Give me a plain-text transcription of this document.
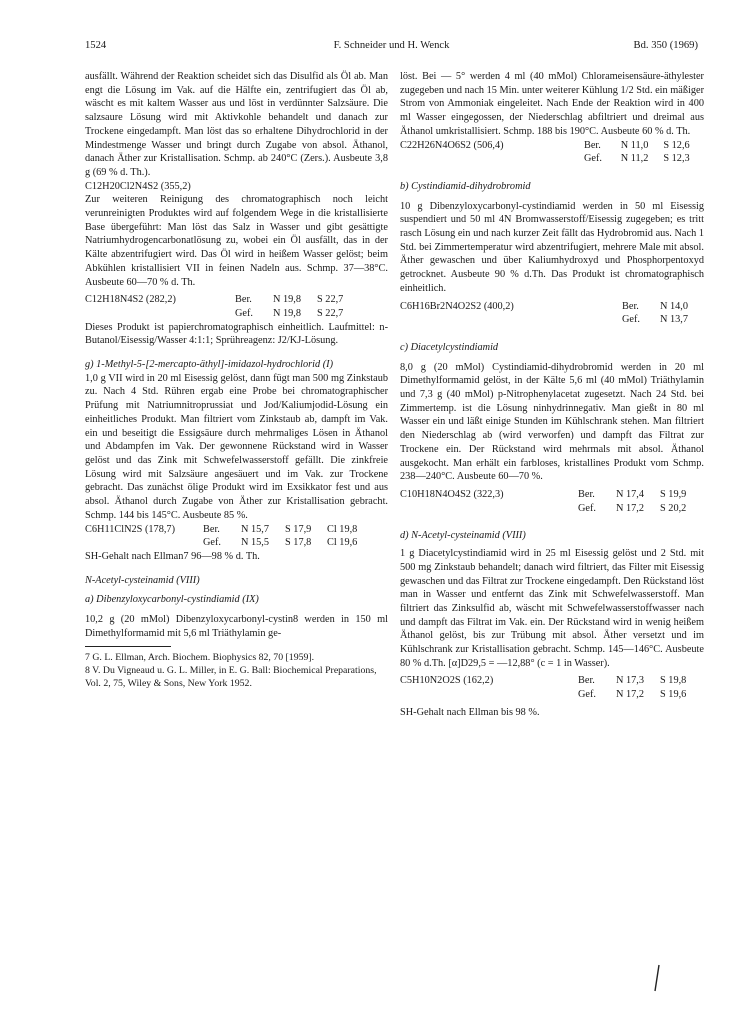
1524	F. Schneider und H. Wenck	Bd. 350 (1969)

ausfällt. Während der Reaktion scheidet sich das Disulfid als Öl ab. Man engt die Lösung im Vak. auf die Hälfte ein, zentrifugiert das Öl ab, wäscht es mit kaltem Wasser aus und löst in verdünnter Salzsäure. Die salzsaure Lösung wird mit Aktivkohle behandelt und danach zur Trockene eingedampft. Man löst das so erhaltene Dihydrochlorid in der Mindestmenge Wasser und bringt durch Zugabe von absol. Äthanol, danach Äther zur Kristallisation. Schmp. ab 240°C (Zers.). Ausbeute 3,8 g (69 % d. Th.).

C12H20Cl2N4S2 (355,2)

Zur weiteren Reinigung des chromatographisch noch leicht verunreinigten Produktes wird auf folgendem Wege in die kristallisierte Base übergeführt: Man löst das Salz in Wasser und gibt gesättigte Natriumhydrogencarbonatlösung zu, wobei ein Öl ausfällt, das in der Kälte abzentrifugiert wird. Das Öl wird in heißem Wasser gelöst; beim Abkühlen kristallisiert VII in feinen Nadeln aus. Schmp. 37—38°C. Ausbeute 60—70 % d. Th.

C12H18N4S2 (282,2)	Ber.	N 19,8	S 22,7
Gef.	N 19,8	S 22,7

Dieses Produkt ist papierchromatographisch einheitlich. Laufmittel: n-Butanol/Eisessig/Wasser 4:1:1; Sprühreagenz: J2/KJ-Lösung.

g) 1-Methyl-5-[2-mercapto-äthyl]-imidazol-hydrochlorid (I)

1,0 g VII wird in 20 ml Eisessig gelöst, dann fügt man 500 mg Zinkstaub zu. Nach 4 Std. Rühren ergab eine Probe bei chromatographischer Prüfung mit Natriumnitroprussiat und Jod/Kaliumjodid-Lösung ein einheitliches Produkt. Man filtriert vom Zinkstaub ab, dampft im Vak. ein und beseitigt die Essigsäure durch mehrmaliges Lösen in Äthanol und Abdampfen im Vak. Der gewonnene Rückstand wird in Wasser gelöst und das Zink mit Schwefelwasserstoff gefällt. Die zinkfreie Lösung wird mit Salzsäure angesäuert und im Vak. zur Trockene gebracht. Das zunächst ölige Produkt wird im Exsikkator fest und aus absol. Äthanol durch Zugabe von Äther zur Kristallisation gebracht. Schmp. 144 bis 145°C. Ausbeute 85 %.

C6H11ClN2S (178,7)	Ber.	N 15,7	S 17,9	Cl 19,8
Gef.	N 15,5	S 17,8	Cl 19,6

SH-Gehalt nach Ellman7 96—98 % d. Th.

N-Acetyl-cysteinamid (VIII)

a) Dibenzyloxycarbonyl-cystindiamid (IX)

10,2 g (20 mMol) Dibenzyloxycarbonyl-cystin8 werden in 150 ml Dimethylformamid mit 5,6 ml Triäthylamin ge-

7 G. L. Ellman, Arch. Biochem. Biophysics 82, 70 [1959].

8 V. Du Vigneaud u. G. L. Miller, in E. G. Ball: Biochemical Preparations, Vol. 2, 75, Wiley & Sons, New York 1952.

löst. Bei — 5° werden 4 ml (40 mMol) Chlorameisensäure-äthylester zugegeben und nach 15 Min. unter weiterer Kühlung 1/2 Std. ein mäßiger Strom von Ammoniak eingeleitet. Nach Ende der Reaktion wird in 400 ml Wasser eingegossen, der Niederschlag abfiltriert und dreimal aus Äthanol umkristallisiert. Schmp. 188 bis 190°C. Ausbeute 60 % d. Th.

C22H26N4O6S2 (506,4)	Ber.	N 11,0	S 12,6
Gef.	N 11,2	S 12,3

b) Cystindiamid-dihydrobromid

10 g Dibenzyloxycarbonyl-cystindiamid werden in 50 ml Eisessig suspendiert und 50 ml 4N Bromwasserstoff/Eisessig zugegeben; es tritt rasch Lösung ein und nach kurzer Zeit fällt das Hydrobromid aus. Nach 1 Std. bei Zimmertemperatur wird abzentrifugiert, mehrere Male mit absol. Äther gewaschen und über Kaliumhydroxyd und Phosphorpentoxyd getrocknet. Ausbeute 90 % d.Th. Das Produkt ist chromatographisch einheitlich.

C6H16Br2N4O2S2 (400,2)	Ber.	N 14,0
Gef.	N 13,7

c) Diacetylcystindiamid

8,0 g (20 mMol) Cystindiamid-dihydrobromid werden in 20 ml Dimethylformamid gelöst, in der Kälte 5,6 ml (40 mMol) Triäthylamin und 7,3 g (40 mMol) p-Nitrophenylacetat zugesetzt. Nach 24 Std. bei Zimmertemp. ist die Lösung ninhydrinnegativ. Man gießt in 80 ml Wasser ein und läßt einige Stunden im Kühlschrank stehen. Man filtriert den Niederschlag ab (wird verworfen) und dampft das Filtrat zur Trockene ein. Der Rückstand wird mehrmals mit absol. Äthanol ausgekocht. Man erhält ein farbloses, kristallines Produkt vom Schmp. 238—240°C. Ausbeute 60—70 %.

C10H18N4O4S2 (322,3)	Ber.	N 17,4	S 19,9
Gef.	N 17,2	S 20,2

d) N-Acetyl-cysteinamid (VIII)

1 g Diacetylcystindiamid wird in 25 ml Eisessig gelöst und 2 Std. mit 500 mg Zinkstaub behandelt; danach wird filtriert, das Filter mit Eisessig gewaschen und das Filtrat zur Trockene eingedampft. Den Rückstand löst man in Wasser und entfernt das Zink mit Schwefelwasserstoff. Man filtriert das Zinksulfid ab, wäscht mit Schwefelwasserstoffwasser nach und dampft das Filtrat im Vak. ein. Der Rückstand wird in wenig heißem Äthanol gelöst, bis zur Trübung mit absol. Äther versetzt und im Kühlschrank zur Kristallisation gebracht. Schmp. 145—146°C. Ausbeute 80 % d.Th. [α]D29,5 = —12,88° (c = 1 in Wasser).

C5H10N2O2S (162,2)	Ber.	N 17,3	S 19,8
Gef.	N 17,2	S 19,6

SH-Gehalt nach Ellman bis 98 %.
